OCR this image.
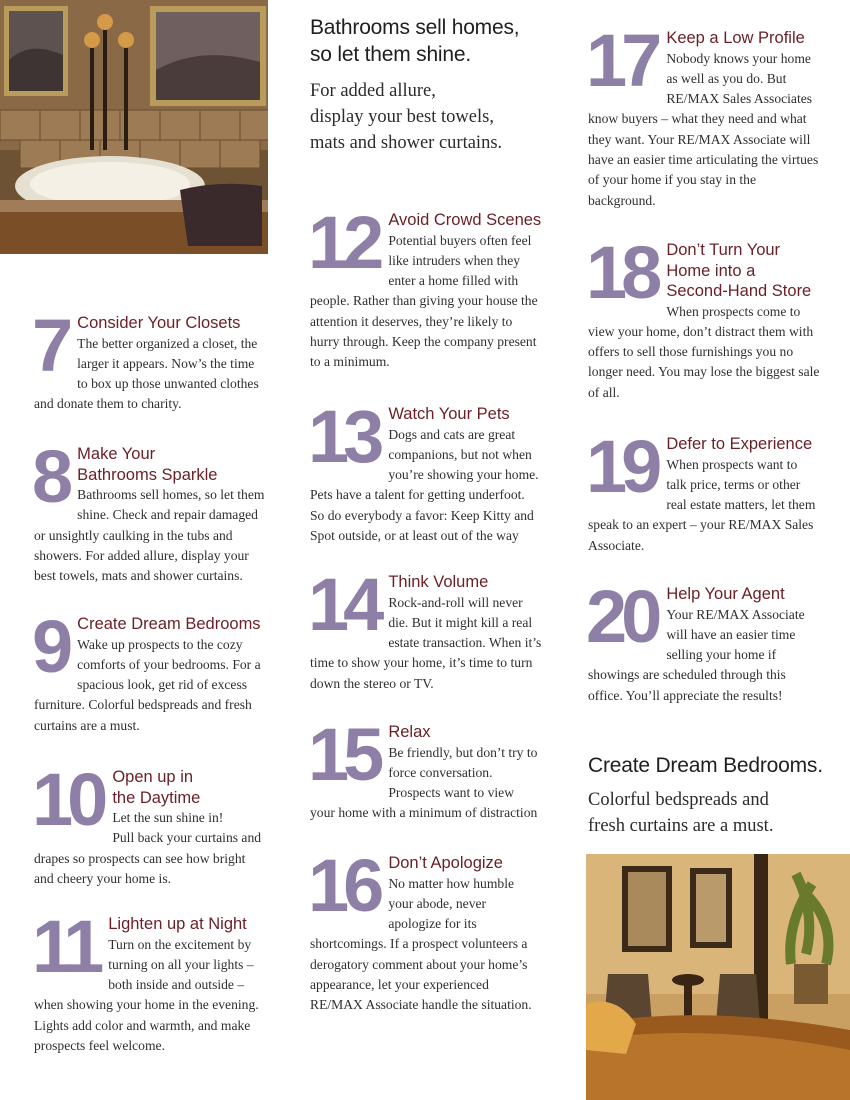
Bathrooms sell homes,
so let them shine.
For added allure,
display your best towels,
mats and shower curtains.
Create Dream Bedrooms.
Colorful bedspreads and
fresh curtains are a must.
7 Consider Your Closets
The better organized a closet, the larger it appears. Now’s the time to box up those unwanted clothes and donate them to charity.
8 Make Your
Bathrooms Sparkle
Bathrooms sell homes, so let them shine. Check and repair damaged or unsightly caulking in the tubs and showers. For added allure, display your best towels, mats and shower curtains.
9 Create Dream Bedrooms
Wake up prospects to the cozy comforts of your bedrooms. For a spacious look, get rid of excess furniture. Colorful bedspreads and fresh curtains are a must.
10 Open up in
the Daytime
Let the sun shine in!
Pull back your curtains and drapes so prospects can see how bright and cheery your home is.
11 Lighten up at Night
Turn on the excitement by turning on all your lights – both inside and outside – when showing your home in the evening. Lights add color and warmth, and make prospects feel welcome.
12 Avoid Crowd Scenes
Potential buyers often feel like intruders when they enter a home filled with people. Rather than giving your house the attention it deserves, they’re likely to hurry through. Keep the company present to a minimum.
13 Watch Your Pets
Dogs and cats are great companions, but not when you’re showing your home. Pets have a talent for getting underfoot. So do everybody a favor: Keep Kitty and Spot outside, or at least out of the way
14 Think Volume
Rock-and-roll will never die. But it might kill a real estate transaction. When it’s time to show your home, it’s time to turn down the stereo or TV.
15 Relax
Be friendly, but don’t try to force conversation. Prospects want to view your home with a minimum of distraction
16 Don’t Apologize
No matter how humble your abode, never apologize for its shortcomings. If a prospect volunteers a derogatory comment about your home’s appearance, let your experienced RE/MAX Associate handle the situation.
17 Keep a Low Profile
Nobody knows your home as well as you do. But RE/MAX Sales Associates know buyers – what they need and what they want. Your RE/MAX Associate will have an easier time articulating the virtues of your home if you stay in the background.
18 Don’t Turn Your
Home into a
Second-Hand Store
When prospects come to view your home, don’t distract them with offers to sell those furnishings you no longer need. You may lose the biggest sale of all.
19 Defer to Experience
When prospects want to talk price, terms or other real estate matters, let them speak to an expert – your RE/MAX Sales Associate.
20 Help Your Agent
Your RE/MAX Associate will have an easier time selling your home if showings are scheduled through this office. You’ll appreciate the results!
